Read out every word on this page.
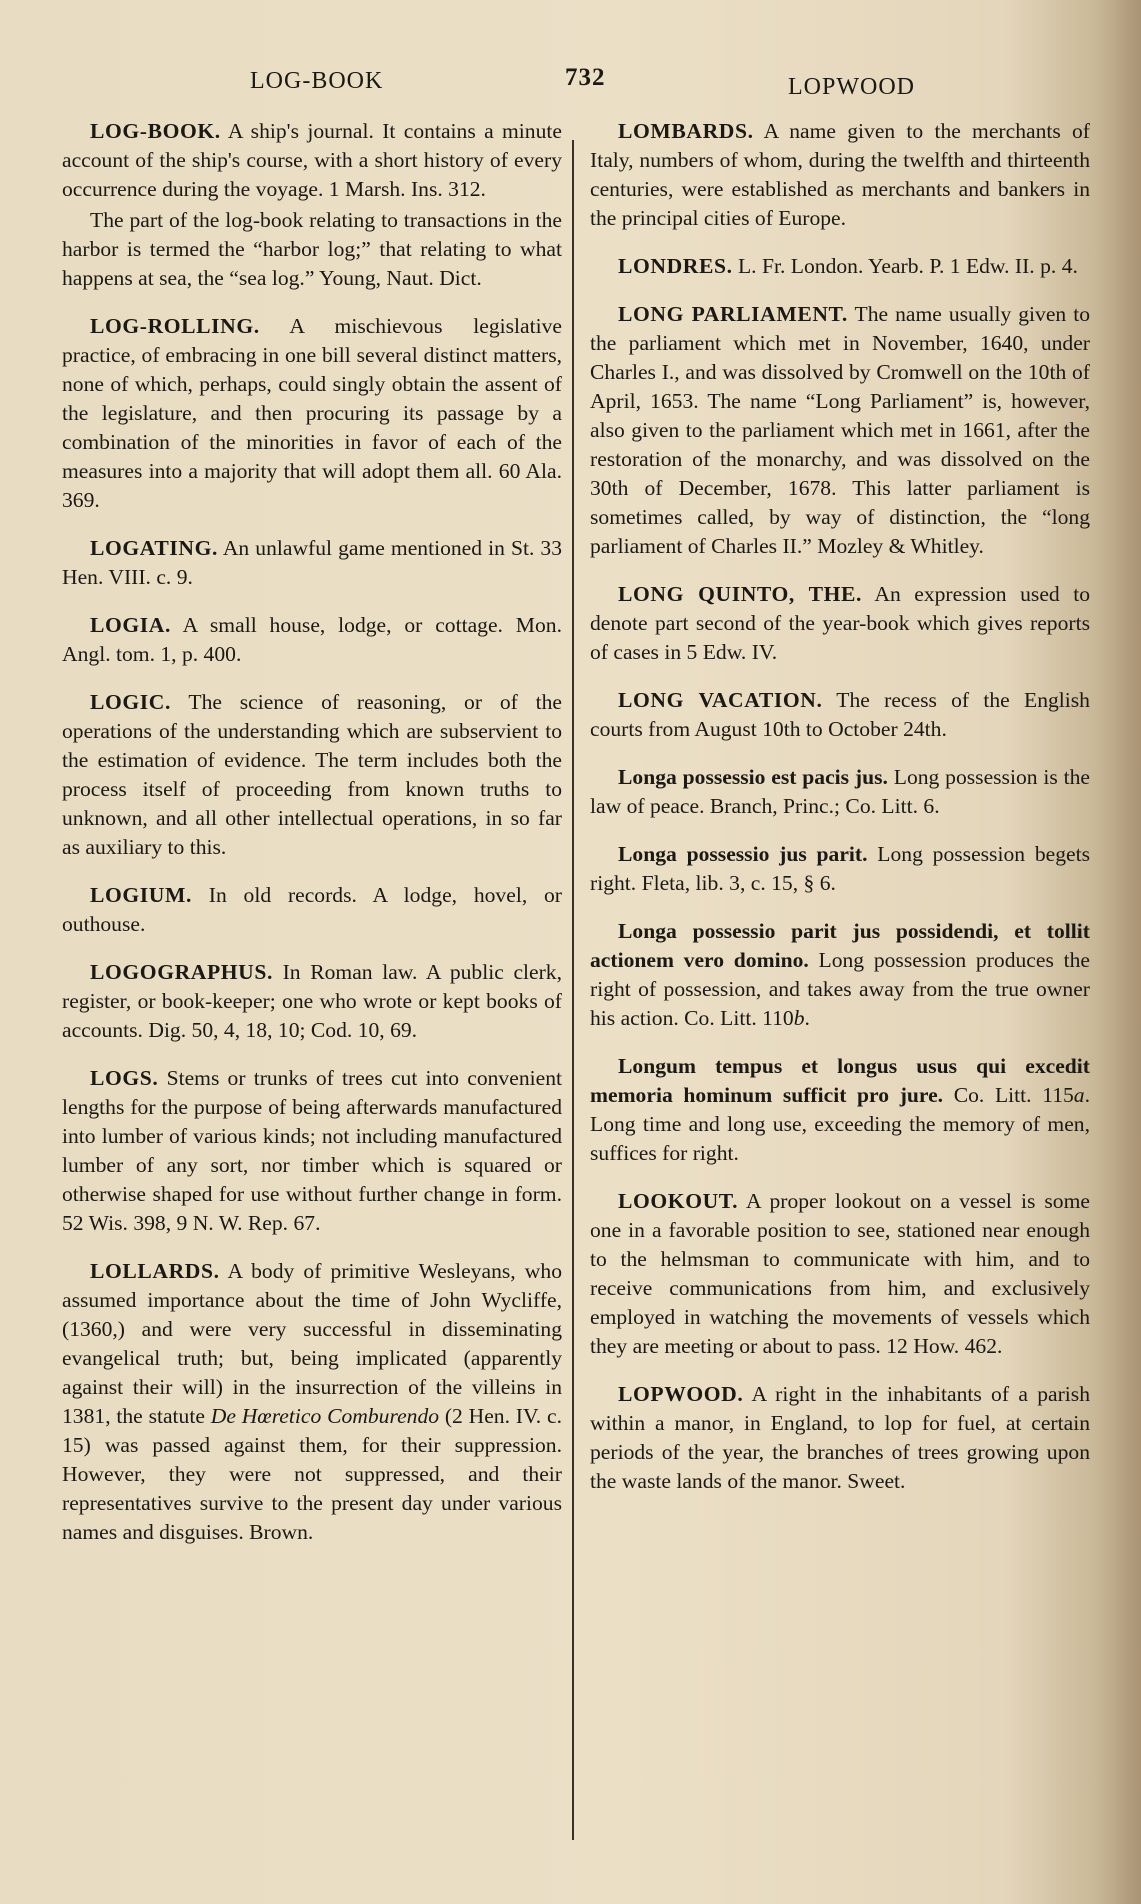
LOG-BOOK	732	LOPWOOD

LOG-BOOK. A ship's journal. It contains a minute account of the ship's course, with a short history of every occurrence during the voyage. 1 Marsh. Ins. 312.

The part of the log-book relating to transactions in the harbor is termed the “harbor log;” that relating to what happens at sea, the “sea log.” Young, Naut. Dict.

LOG-ROLLING. A mischievous legislative practice, of embracing in one bill several distinct matters, none of which, perhaps, could singly obtain the assent of the legislature, and then procuring its passage by a combination of the minorities in favor of each of the measures into a majority that will adopt them all. 60 Ala. 369.
LOGATING. An unlawful game mentioned in St. 33 Hen. VIII. c. 9.
LOGIA. A small house, lodge, or cottage. Mon. Angl. tom. 1, p. 400.
LOGIC. The science of reasoning, or of the operations of the understanding which are subservient to the estimation of evidence. The term includes both the process itself of proceeding from known truths to unknown, and all other intellectual operations, in so far as auxiliary to this.
LOGIUM. In old records. A lodge, hovel, or outhouse.
LOGOGRAPHUS. In Roman law. A public clerk, register, or book-keeper; one who wrote or kept books of accounts. Dig. 50, 4, 18, 10; Cod. 10, 69.
LOGS. Stems or trunks of trees cut into convenient lengths for the purpose of being afterwards manufactured into lumber of various kinds; not including manufactured lumber of any sort, nor timber which is squared or otherwise shaped for use without further change in form. 52 Wis. 398, 9 N. W. Rep. 67.
LOLLARDS. A body of primitive Wesleyans, who assumed importance about the time of John Wycliffe, (1360,) and were very successful in disseminating evangelical truth; but, being implicated (apparently against their will) in the insurrection of the villeins in 1381, the statute De Hœretico Comburendo (2 Hen. IV. c. 15) was passed against them, for their suppression. However, they were not suppressed, and their representatives survive to the present day under various names and disguises. Brown.
LOMBARDS. A name given to the merchants of Italy, numbers of whom, during the twelfth and thirteenth centuries, were established as merchants and bankers in the principal cities of Europe.
LONDRES. L. Fr. London. Yearb. P. 1 Edw. II. p. 4.
LONG PARLIAMENT. The name usually given to the parliament which met in November, 1640, under Charles I., and was dissolved by Cromwell on the 10th of April, 1653. The name “Long Parliament” is, however, also given to the parliament which met in 1661, after the restoration of the monarchy, and was dissolved on the 30th of December, 1678. This latter parliament is sometimes called, by way of distinction, the “long parliament of Charles II.” Mozley & Whitley.
LONG QUINTO, THE. An expression used to denote part second of the year-book which gives reports of cases in 5 Edw. IV.
LONG VACATION. The recess of the English courts from August 10th to October 24th.
Longa possessio est pacis jus. Long possession is the law of peace. Branch, Princ.; Co. Litt. 6.
Longa possessio jus parit. Long possession begets right. Fleta, lib. 3, c. 15, § 6.
Longa possessio parit jus possidendi, et tollit actionem vero domino. Long possession produces the right of possession, and takes away from the true owner his action. Co. Litt. 110b.
Longum tempus et longus usus qui excedit memoria hominum sufficit pro jure. Co. Litt. 115a. Long time and long use, exceeding the memory of men, suffices for right.
LOOKOUT. A proper lookout on a vessel is some one in a favorable position to see, stationed near enough to the helmsman to communicate with him, and to receive communications from him, and exclusively employed in watching the movements of vessels which they are meeting or about to pass. 12 How. 462.
LOPWOOD. A right in the inhabitants of a parish within a manor, in England, to lop for fuel, at certain periods of the year, the branches of trees growing upon the waste lands of the manor. Sweet.
